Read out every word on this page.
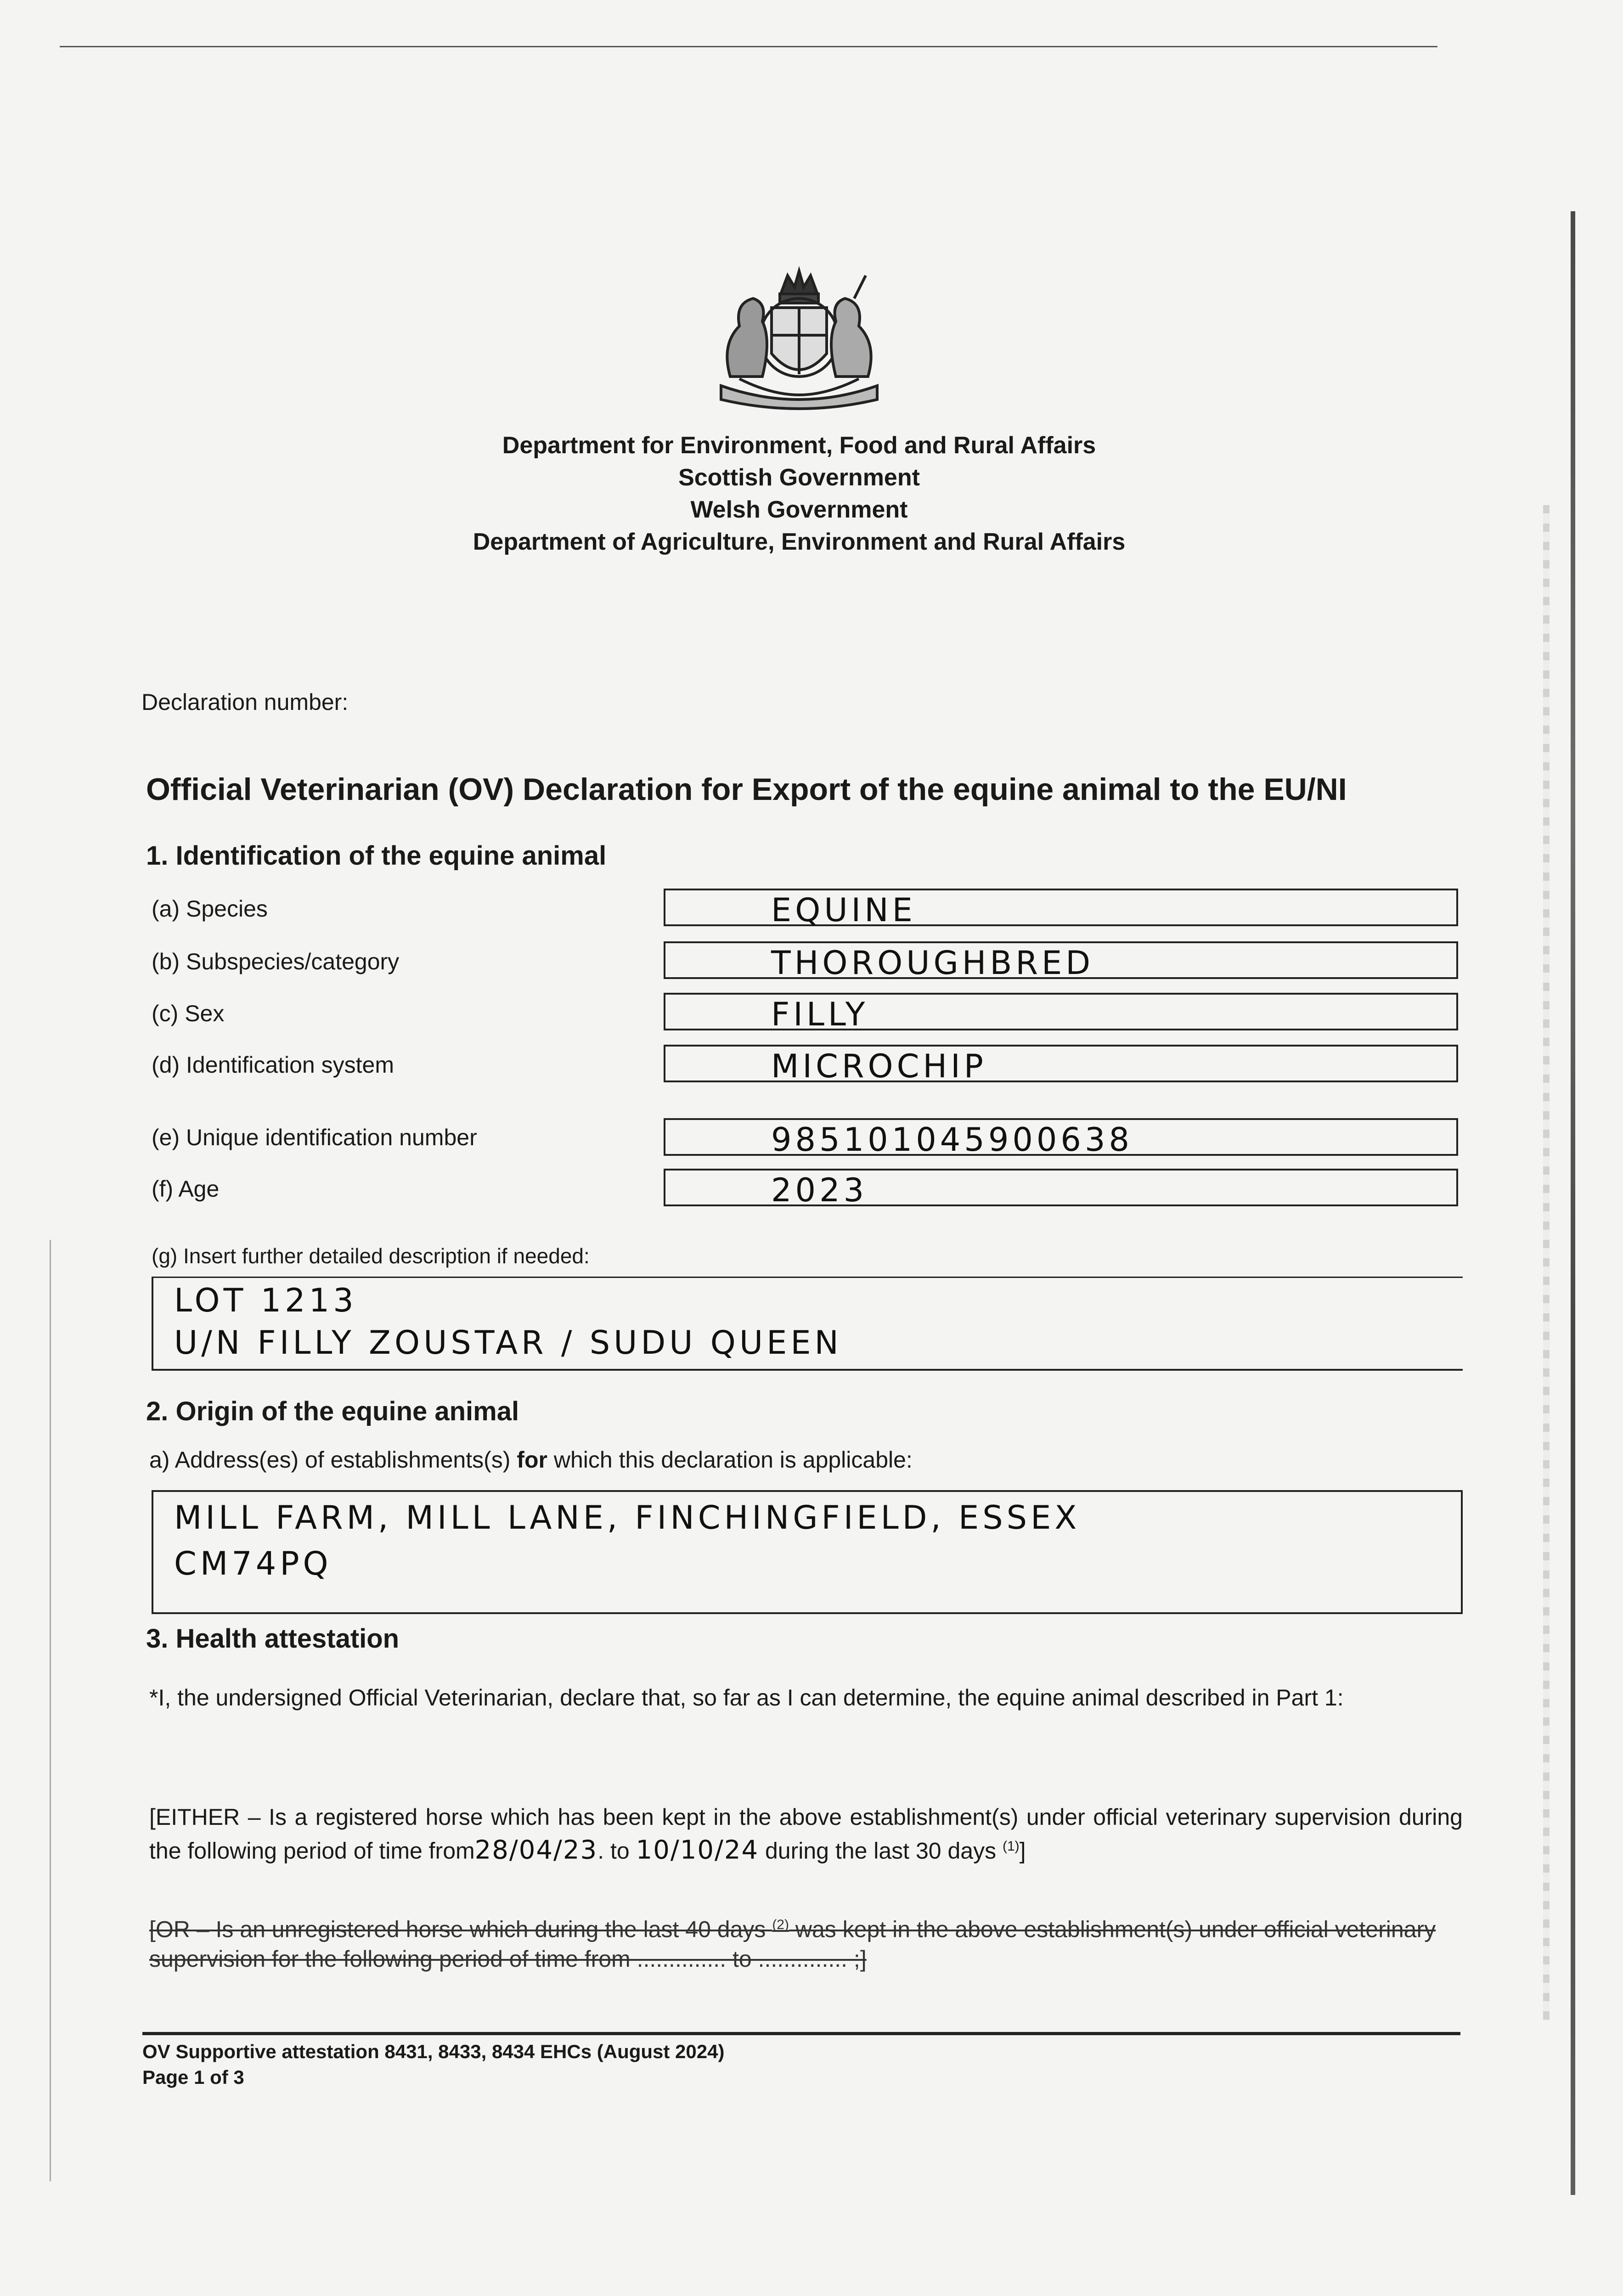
Department for Environment, Food and Rural Affairs
Scottish Government
Welsh Government
Department of Agriculture, Environment and Rural Affairs
Declaration number:
Official Veterinarian (OV) Declaration for Export of the equine animal to the EU/NI
1. Identification of the equine animal
(a) Species	EQUINE
(b) Subspecies/category	THOROUGHBRED
(c) Sex	FILLY
(d) Identification system	MICROCHIP
(e) Unique identification number	985101045900638
(f) Age	2023
(g) Insert further detailed description if needed:
LOT 1213
U/N FILLY ZOUSTAR / SUDU QUEEN
2. Origin of the equine animal
a) Address(es) of establishments(s) for which this declaration is applicable:
MILL FARM, MILL LANE, FINCHINGFIELD, ESSEX
CM74PQ
3. Health attestation
*I, the undersigned Official Veterinarian, declare that, so far as I can determine, the equine animal described in Part 1:
[EITHER – Is a registered horse which has been kept in the above establishment(s) under official veterinary supervision during the following period of time from28/04/23. to 10/10/24 during the last 30 days $^{(1)}$]
[OR – Is an unregistered horse which during the last 40 days $^{(2)}$ was kept in the above establishment(s) under official veterinary supervision for the following period of time from .............. to .............. ;]
OV Supportive attestation 8431, 8433, 8434 EHCs (August 2024)
Page 1 of 3
